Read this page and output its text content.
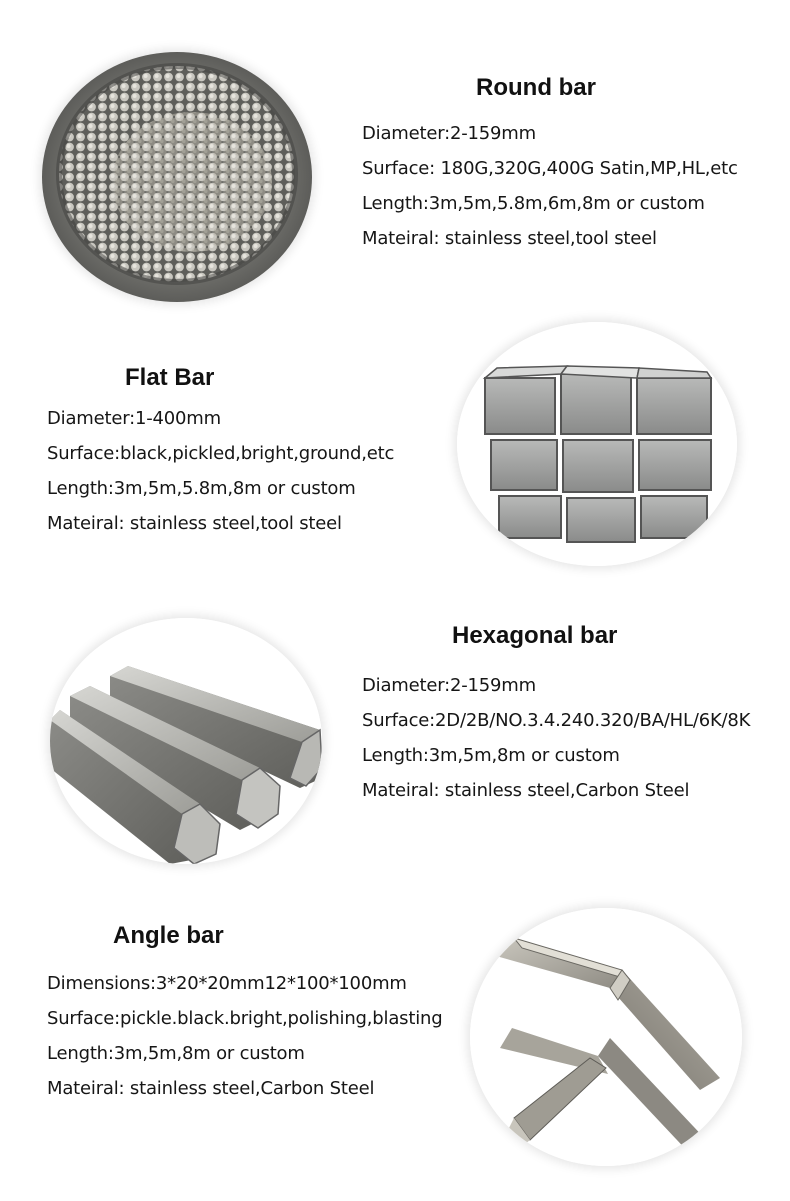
Round bar
Diameter:2-159mm
Surface: 180G,320G,400G Satin,MP,HL,etc
Length:3m,5m,5.8m,6m,8m or custom
Mateiral: stainless steel,tool steel
Flat Bar
Diameter:1-400mm
Surface:black,pickled,bright,ground,etc
Length:3m,5m,5.8m,8m or custom
Mateiral: stainless steel,tool steel
Hexagonal bar
Diameter:2-159mm
Surface:2D/2B/NO.3.4.240.320/BA/HL/6K/8K
Length:3m,5m,8m or custom
Mateiral: stainless steel,Carbon Steel
Angle bar
Dimensions:3*20*20mm12*100*100mm
Surface:pickle.black.bright,polishing,blasting
Length:3m,5m,8m or custom
Mateiral: stainless steel,Carbon Steel
